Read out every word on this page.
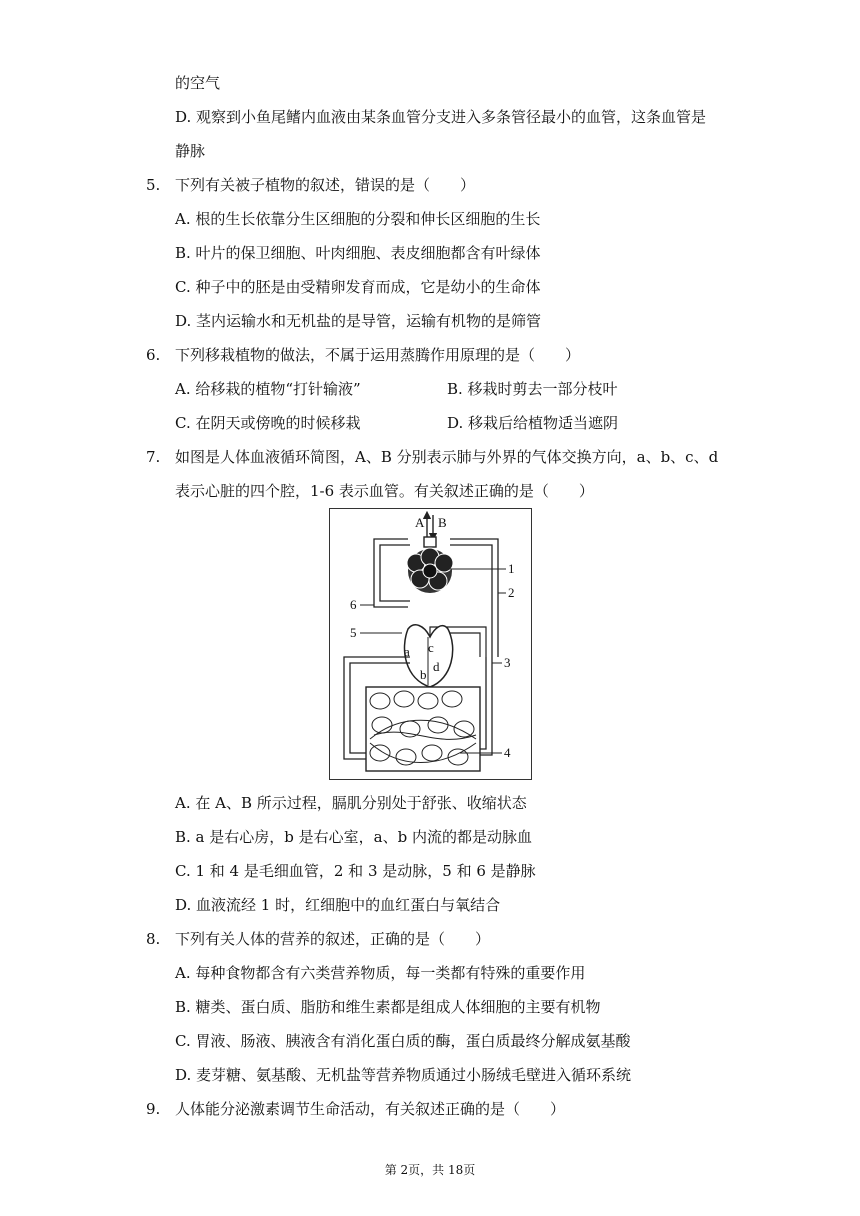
的空气
D. 观察到小鱼尾鳍内血液由某条血管分支进入多条管径最小的血管，这条血管是
静脉
5. 下列有关被子植物的叙述，错误的是（　　）
A. 根的生长依靠分生区细胞的分裂和伸长区细胞的生长
B. 叶片的保卫细胞、叶肉细胞、表皮细胞都含有叶绿体
C. 种子中的胚是由受精卵发育而成，它是幼小的生命体
D. 茎内运输水和无机盐的是导管，运输有机物的是筛管
6. 下列移栽植物的做法，不属于运用蒸腾作用原理的是（　　）
A. 给移栽的植物“打针输液”	B. 移栽时剪去一部分枝叶
C. 在阴天或傍晚的时候移栽	D. 移栽后给植物适当遮阴
7. 如图是人体血液循环简图，A、B 分别表示肺与外界的气体交换方向，a、b、c、d
表示心脏的四个腔，1-6 表示血管。有关叙述正确的是（　　）
A B
a c
b
d
1
2
3
4
5
6
A. 在 A、B 所示过程，膈肌分别处于舒张、收缩状态
B. a 是右心房，b 是右心室，a、b 内流的都是动脉血
C. 1 和 4 是毛细血管，2 和 3 是动脉，5 和 6 是静脉
D. 血液流经 1 时，红细胞中的血红蛋白与氧结合
8. 下列有关人体的营养的叙述，正确的是（　　）
A. 每种食物都含有六类营养物质，每一类都有特殊的重要作用
B. 糖类、蛋白质、脂肪和维生素都是组成人体细胞的主要有机物
C. 胃液、肠液、胰液含有消化蛋白质的酶，蛋白质最终分解成氨基酸
D. 麦芽糖、氨基酸、无机盐等营养物质通过小肠绒毛壁进入循环系统
9. 人体能分泌激素调节生命活动，有关叙述正确的是（　　）
第 2页，共 18页
